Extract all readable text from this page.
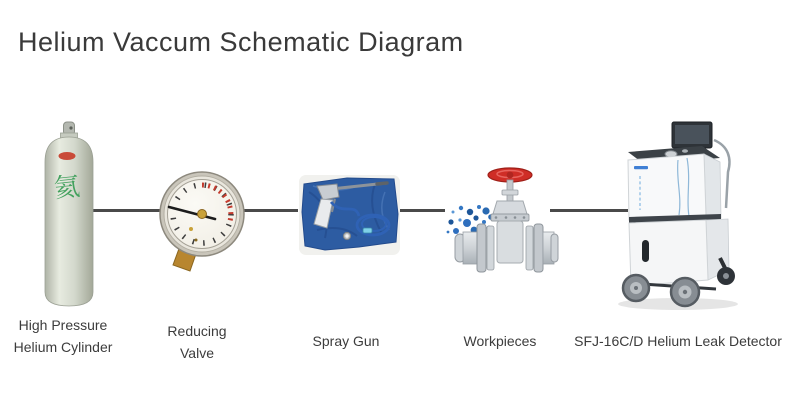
Helium Vaccum Schematic Diagram
氦
High Pressure
Helium Cylinder
Reducing
Valve
Spray Gun	Workpieces	SFJ-16C/D Helium Leak Detector
